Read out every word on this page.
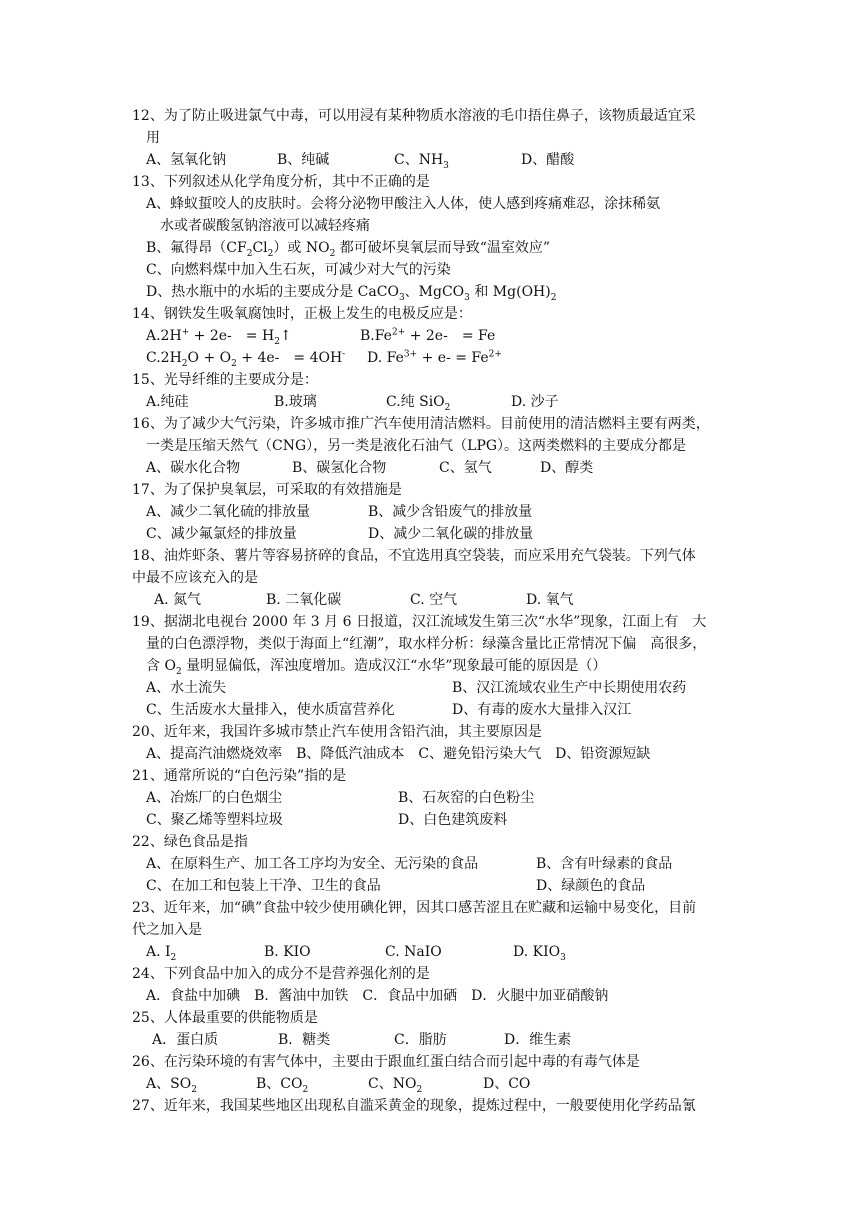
12、为了防止吸进氯气中毒，可以用浸有某种物质水溶液的毛巾捂住鼻子，该物质最适宜采
用
A、氢氧化钠	B、纯碱	C、$NH_3$	D、醋酸
13、下列叙述从化学角度分析，其中不正确的是
A、蜂蚁蜇咬人的皮肤时。会将分泌物甲酸注入人体，使人感到疼痛难忍，涂抹稀氨
水或者碳酸氢钠溶液可以减轻疼痛
B、氟得昂$(CF_2Cl_2)$或 $NO_2$ 都可破坏臭氧层而导致“温室效应”
C、向燃料煤中加入生石灰，可减少对大气的污染
D、热水瓶中的水垢的主要成分是 CaCO$_3$、MgCO$_3$ 和 $Mg(OH)_2$
14、钢铁发生吸氧腐蚀时，正极上发生的电极反应是：
A.2H+ + 2e-　= $H_2↑$	$B.Fe^{2+} + 2e-$　= Fe
$C.2H_2O + O_2 + 4e-$　= 4OH- D. $Fe^{3+} + e- = Fe^{2+}$
15、光导纤维的主要成分是：
A.纯硅	B.玻璃	C.纯 SiO$_2$	D. 沙子
16、为了减少大气污染，许多城市推广汽车使用清洁燃料。目前使用的清洁燃料主要有两类，
一类是压缩天然气（CNG），另一类是液化石油气（LPG）。这两类燃料的主要成分都是
A、碳水化合物	B、碳氢化合物	C、氢气	D、醇类
17、为了保护臭氧层，可采取的有效措施是
A、减少二氧化硫的排放量	B、减少含铅废气的排放量
C、减少氟氯烃的排放量	D、减少二氧化碳的排放量
18、油炸虾条、薯片等容易挤碎的食品，不宜选用真空袋装，而应采用充气袋装。下列气体
中最不应该充入的是
A. 氮气	B. 二氧化碳	C. 空气	D. 氧气
19、据湖北电视台 2000 年 3 月 6 日报道，汉江流域发生第三次“水华”现象，江面上有　大
量的白色漂浮物，类似于海面上“红潮”，取水样分析：绿藻含量比正常情况下偏　高很多，
含 $O_2$ 量明显偏低，浑浊度增加。造成汉江“水华”现象最可能的原因是（）
A、水土流失	B、汉江流域农业生产中长期使用农药
C、生活废水大量排入，使水质富营养化	D、有毒的废水大量排入汉江
20、近年来，我国许多城市禁止汽车使用含铅汽油，其主要原因是
A、提高汽油燃烧效率　B、降低汽油成本　C、避免铅污染大气　D、铅资源短缺
21、通常所说的“白色污染”指的是
A、冶炼厂的白色烟尘	B、石灰窑的白色粉尘
C、聚乙烯等塑料垃圾	D、白色建筑废料
22、绿色食品是指
A、在原料生产、加工各工序均为安全、无污染的食品	B、含有叶绿素的食品
C、在加工和包装上干净、卫生的食品	D、绿颜色的食品
23、近年来，加“碘”食盐中较少使用碘化钾，因其口感苦涩且在贮藏和运输中易变化，目前
代之加入是
A. $I_2$	B. KIO	C. NaIO	D. $KIO_3$
24、下列食品中加入的成分不是营养强化剂的是
A．食盐中加碘　B．酱油中加铁　C．食品中加硒　D．火腿中加亚硝酸钠
25、人体最重要的供能物质是
A．蛋白质	B．糖类	C．脂肪	D．维生素
26、在污染环境的有害气体中，主要由于跟血红蛋白结合而引起中毒的有毒气体是
A、$SO_2$	B、$CO_2$	C、$NO_2$	D、CO
27、近年来，我国某些地区出现私自滥采黄金的现象，提炼过程中，一般要使用化学药品氰
